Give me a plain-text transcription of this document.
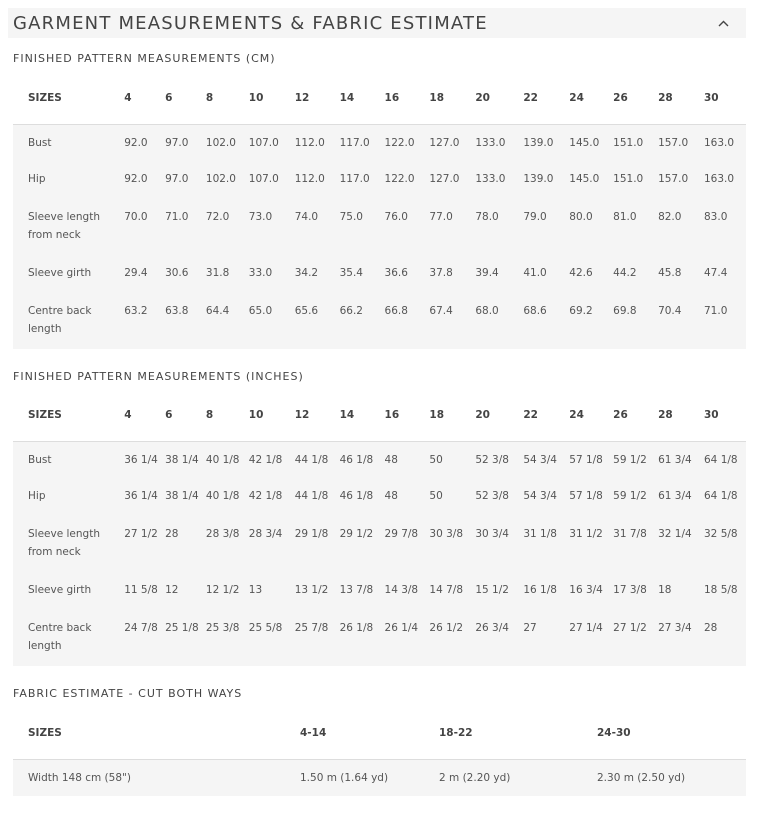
GARMENT MEASUREMENTS & FABRIC ESTIMATE
FINISHED PATTERN MEASUREMENTS (CM)
SIZES	4	6	8	10	12	14	16	18	20	22	24	26	28	30
Bust	92.0	97.0	102.0	107.0	112.0	117.0	122.0	127.0	133.0	139.0	145.0	151.0	157.0	163.0
Hip	92.0	97.0	102.0	107.0	112.0	117.0	122.0	127.0	133.0	139.0	145.0	151.0	157.0	163.0
Sleeve length from neck	70.0	71.0	72.0	73.0	74.0	75.0	76.0	77.0	78.0	79.0	80.0	81.0	82.0	83.0
Sleeve girth	29.4	30.6	31.8	33.0	34.2	35.4	36.6	37.8	39.4	41.0	42.6	44.2	45.8	47.4
Centre back length	63.2	63.8	64.4	65.0	65.6	66.2	66.8	67.4	68.0	68.6	69.2	69.8	70.4	71.0
FINISHED PATTERN MEASUREMENTS (INCHES)
SIZES	4	6	8	10	12	14	16	18	20	22	24	26	28	30
Bust	36 1/4	38 1/4	40 1/8	42 1/8	44 1/8	46 1/8	48	50	52 3/8	54 3/4	57 1/8	59 1/2	61 3/4	64 1/8
Hip	36 1/4	38 1/4	40 1/8	42 1/8	44 1/8	46 1/8	48	50	52 3/8	54 3/4	57 1/8	59 1/2	61 3/4	64 1/8
Sleeve length from neck	27 1/2	28	28 3/8	28 3/4	29 1/8	29 1/2	29 7/8	30 3/8	30 3/4	31 1/8	31 1/2	31 7/8	32 1/4	32 5/8
Sleeve girth	11 5/8	12	12 1/2	13	13 1/2	13 7/8	14 3/8	14 7/8	15 1/2	16 1/8	16 3/4	17 3/8	18	18 5/8
Centre back length	24 7/8	25 1/8	25 3/8	25 5/8	25 7/8	26 1/8	26 1/4	26 1/2	26 3/4	27	27 1/4	27 1/2	27 3/4	28
FABRIC ESTIMATE - CUT BOTH WAYS
SIZES	4-14	18-22	24-30
Width 148 cm (58")	1.50 m (1.64 yd)	2 m (2.20 yd)	2.30 m (2.50 yd)
